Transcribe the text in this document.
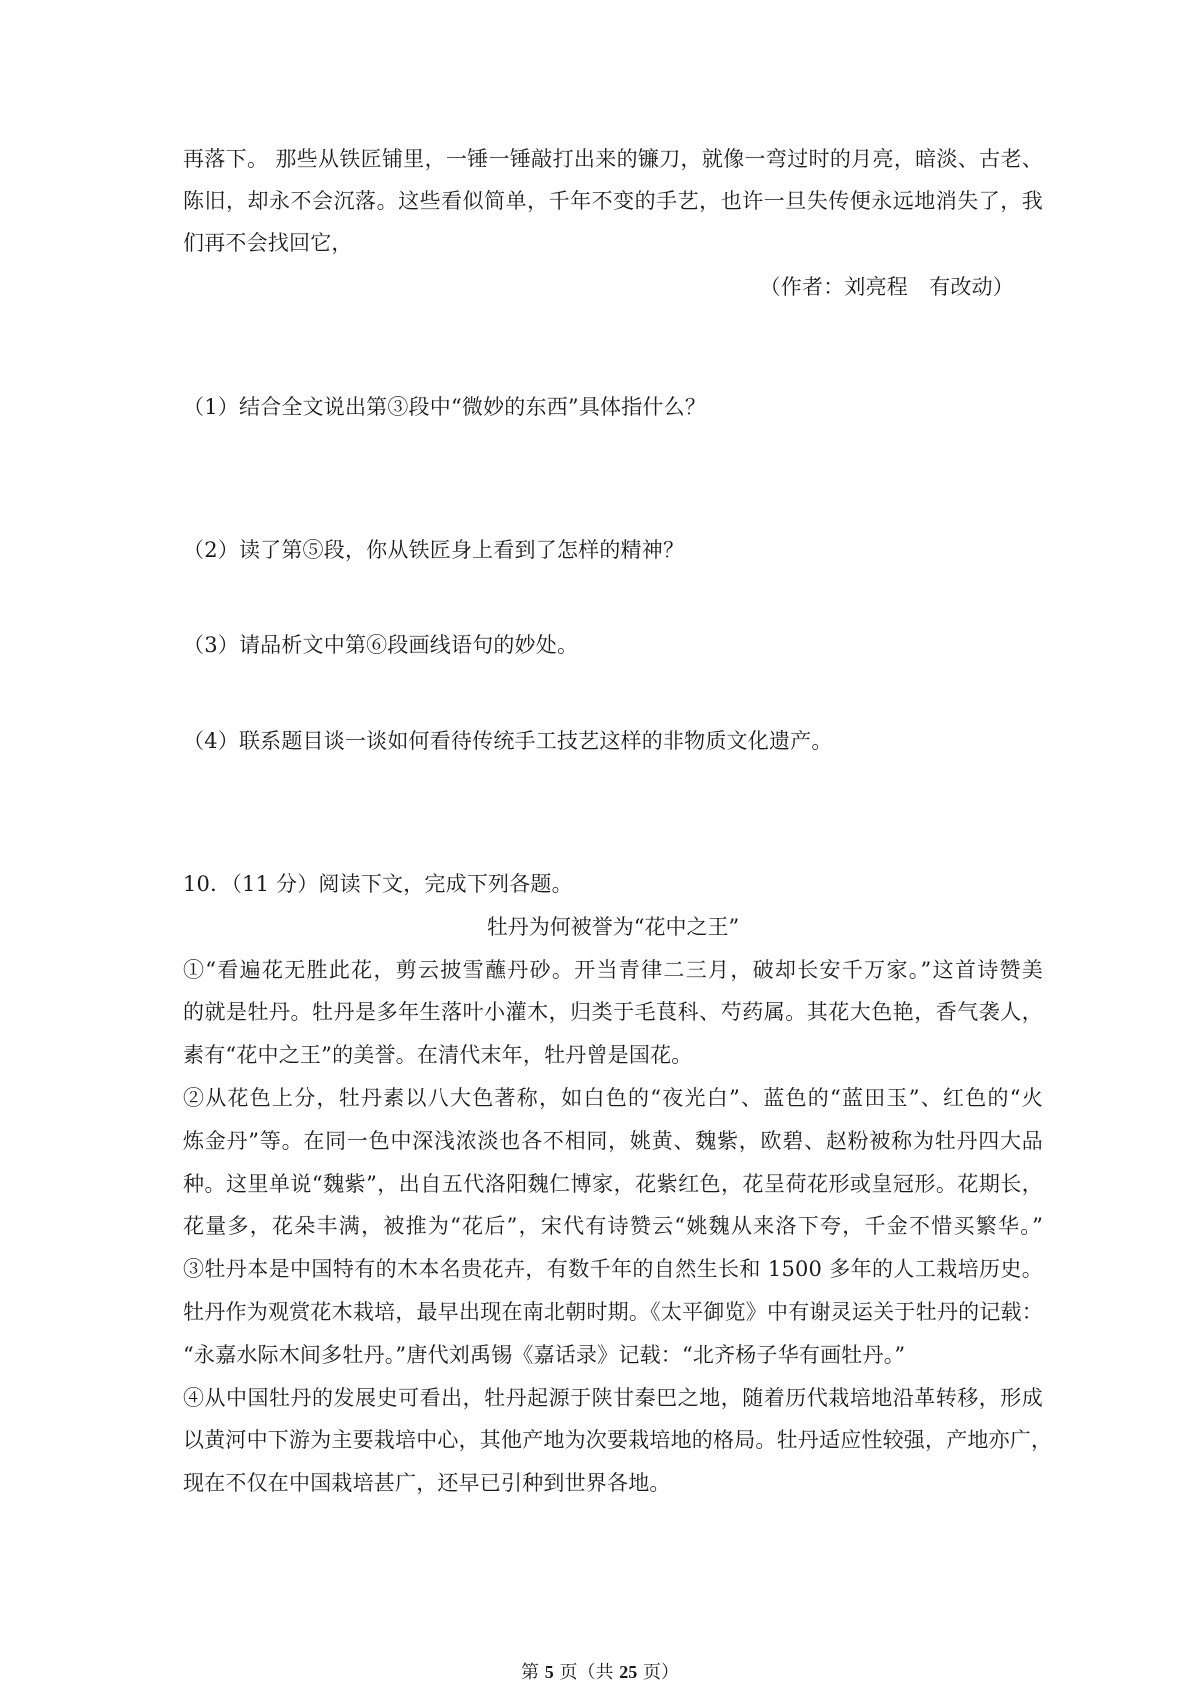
再落下。 那些从铁匠铺里，一锤一锤敲打出来的镰刀，就像一弯过时的月亮，暗淡、古老、
陈旧，却永不会沉落。这些看似简单，千年不变的手艺，也许一旦失传便永远地消失了，我
们再不会找回它，
（作者：刘亮程　有改动）
（1）结合全文说出第③段中“微妙的东西”具体指什么？
（2）读了第⑤段，你从铁匠身上看到了怎样的精神？
（3）请品析文中第⑥段画线语句的妙处。
（4）联系题目谈一谈如何看待传统手工技艺这样的非物质文化遗产。
10．（11 分）阅读下文，完成下列各题。
牡丹为何被誉为“花中之王”
①“看遍花无胜此花，剪云披雪蘸丹砂。开当青律二三月，破却长安千万家。”这首诗赞美
的就是牡丹。牡丹是多年生落叶小灌木，归类于毛茛科、芍药属。其花大色艳，香气袭人，
素有“花中之王”的美誉。在清代末年，牡丹曾是国花。
②从花色上分，牡丹素以八大色著称，如白色的“夜光白”、蓝色的“蓝田玉”、红色的“火
炼金丹”等。在同一色中深浅浓淡也各不相同，姚黄、魏紫，欧碧、赵粉被称为牡丹四大品
种。这里单说“魏紫”，出自五代洛阳魏仁博家，花紫红色，花呈荷花形或皇冠形。花期长，
花量多，花朵丰满，被推为“花后”，宋代有诗赞云“姚魏从来洛下夸，千金不惜买繁华。”
③牡丹本是中国特有的木本名贵花卉，有数千年的自然生长和 1500 多年的人工栽培历史。
牡丹作为观赏花木栽培，最早出现在南北朝时期。《太平御览》中有谢灵运关于牡丹的记载：
“永嘉水际木间多牡丹。”唐代刘禹锡《嘉话录》记载：“北齐杨子华有画牡丹。”
④从中国牡丹的发展史可看出，牡丹起源于陕甘秦巴之地，随着历代栽培地沿革转移，形成
以黄河中下游为主要栽培中心，其他产地为次要栽培地的格局。牡丹适应性较强，产地亦广，
现在不仅在中国栽培甚广，还早已引种到世界各地。
第 5 页（共 25 页）
